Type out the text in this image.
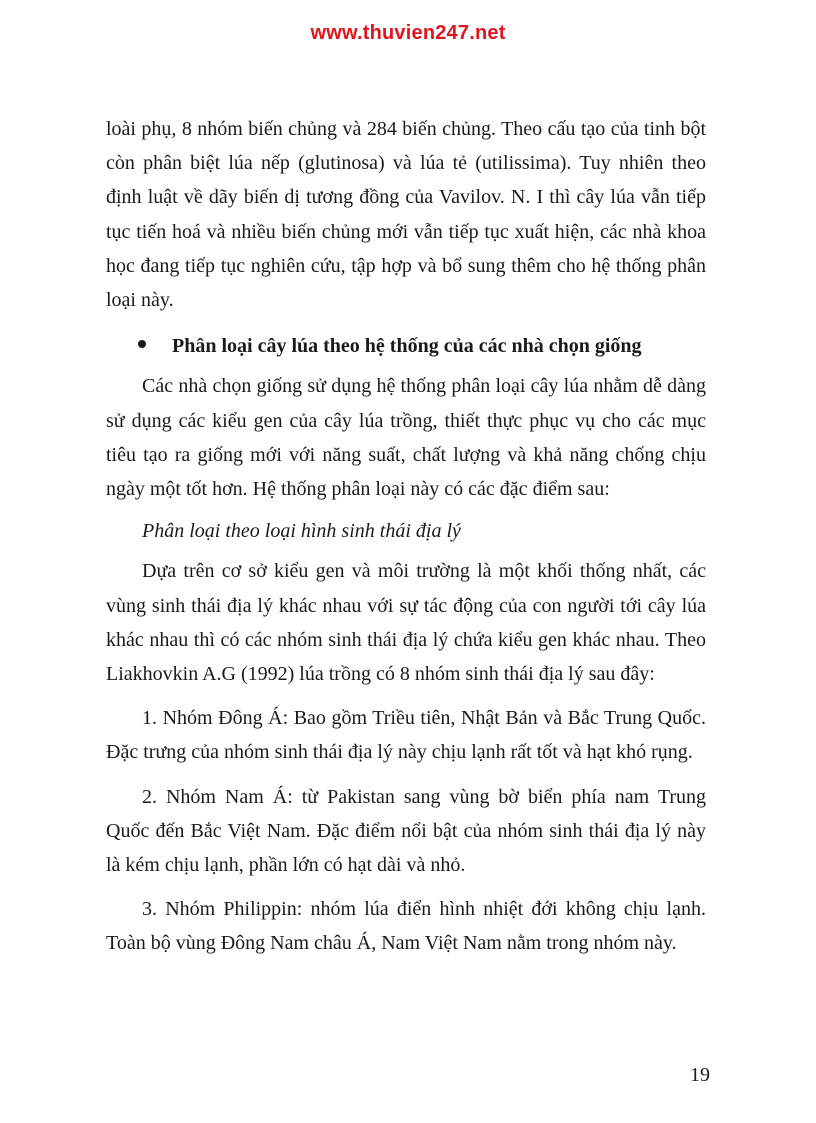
www.thuvien247.net

loài phụ, 8 nhóm biến chủng và 284 biến chủng. Theo cấu tạo của tinh bột còn phân biệt lúa nếp (glutinosa) và lúa tẻ (utilissima). Tuy nhiên theo định luật về dãy biến dị tương đồng của Vavilov. N. I thì cây lúa vẫn tiếp tục tiến hoá và nhiều biến chủng mới vẫn tiếp tục xuất hiện, các nhà khoa học đang tiếp tục nghiên cứu, tập hợp và bổ sung thêm cho hệ thống phân loại này.

Phân loại cây lúa theo hệ thống của các nhà chọn giống

Các nhà chọn giống sử dụng hệ thống phân loại cây lúa nhằm dễ dàng sử dụng các kiểu gen của cây lúa trồng, thiết thực phục vụ cho các mục tiêu tạo ra giống mới với năng suất, chất lượng và khả năng chống chịu ngày một tốt hơn. Hệ thống phân loại này có các đặc điểm sau:

Phân loại theo loại hình sinh thái địa lý

Dựa trên cơ sở kiểu gen và môi trường là một khối thống nhất, các vùng sinh thái địa lý khác nhau với sự tác động của con người tới cây lúa khác nhau thì có các nhóm sinh thái địa lý chứa kiểu gen khác nhau. Theo Liakhovkin A.G (1992) lúa trồng có 8 nhóm sinh thái địa lý sau đây:

1. Nhóm Đông Á: Bao gồm Triều tiên, Nhật Bản và Bắc Trung Quốc. Đặc trưng của nhóm sinh thái địa lý này chịu lạnh rất tốt và hạt khó rụng.

2. Nhóm Nam Á: từ Pakistan sang vùng bờ biển phía nam Trung Quốc đến Bắc Việt Nam. Đặc điểm nổi bật của nhóm sinh thái địa lý này là kém chịu lạnh, phần lớn có hạt dài và nhỏ.

3. Nhóm Philippin: nhóm lúa điển hình nhiệt đới không chịu lạnh. Toàn bộ vùng Đông Nam châu Á, Nam Việt Nam nằm trong nhóm này.

19
